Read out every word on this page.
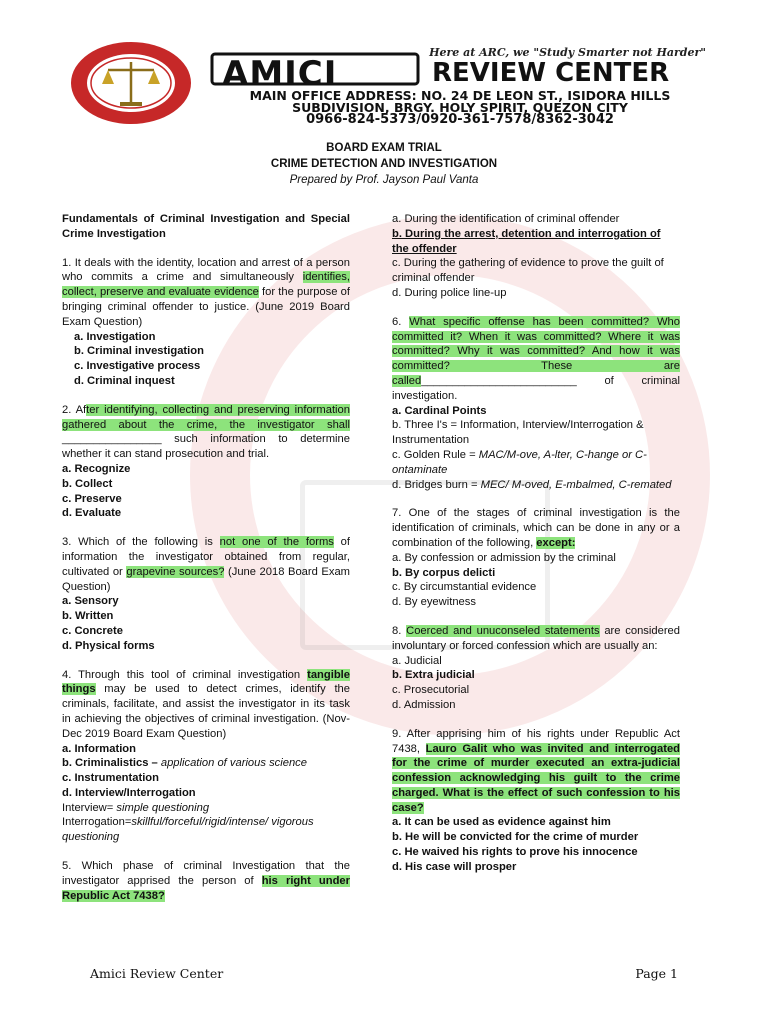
AMICI	REVIEW CENTER
MAIN OFFICE ADDRESS: NO. 24 DE LEON ST., ISIDORA HILLS
SUBDIVISION, BRGY. HOLY SPIRIT, QUEZON CITY
0966-824-5373/0920-361-7578/8362-3042
Here at ARC, we "Study Smarter not Harder"
BOARD EXAM TRIAL
CRIME DETECTION AND INVESTIGATION
Prepared by Prof. Jayson Paul Vanta

Fundamentals of Criminal Investigation and Special Crime Investigation

1. It deals with the identity, location and arrest of a person who commits a crime and simultaneously identifies, collect, preserve and evaluate evidence for the purpose of bringing criminal offender to justice. (June 2019 Board Exam Question)

a. Investigation
b. Criminal investigation
c. Investigative process
d. Criminal inquest

2. After identifying, collecting and preserving information gathered about the crime, the investigator shall ________________ such information to determine whether it can stand prosecution and trial.

a. Recognize
b. Collect
c. Preserve
d. Evaluate

3. Which of the following is not one of the forms of information the investigator obtained from regular, cultivated or grapevine sources? (June 2018 Board Exam Question)

a. Sensory
b. Written
c. Concrete
d. Physical forms

4. Through this tool of criminal investigation tangible things may be used to detect crimes, identify the criminals, facilitate, and assist the investigator in its task in achieving the objectives of criminal investigation. (Nov-Dec 2019 Board Exam Question)

a. Information
b. Criminalistics – application of various science
c. Instrumentation
d. Interview/Interrogation
Interview= simple questioning
Interrogation=skillful/forceful/rigid/intense/ vigorous questioning

5. Which phase of criminal Investigation that the investigator apprised the person of his right under Republic Act 7438?

a. During the identification of criminal offender
b. During the arrest, detention and interrogation of the offender
c. During the gathering of evidence to prove the guilt of criminal offender
d. During police line-up

6. What specific offense has been committed? Who committed it? When it was committed? Where it was committed? Why it was committed? And how it was committed? These are called_________________________ of criminal investigation.

a. Cardinal Points
b. Three I's = Information, Interview/Interrogation & Instrumentation
c. Golden Rule = MAC/M-ove, A-lter, C-hange or C-ontaminate
d. Bridges burn = MEC/ M-oved, E-mbalmed, C-remated

7. One of the stages of criminal investigation is the identification of criminals, which can be done in any or a combination of the following, except:

a. By confession or admission by the criminal
b. By corpus delicti
c. By circumstantial evidence
d. By eyewitness

8. Coerced and unuconseled statements are considered involuntary or forced confession which are usually an:

a. Judicial
b. Extra judicial
c. Prosecutorial
d. Admission

9. After apprising him of his rights under Republic Act 7438, Lauro Galit who was invited and interrogated for the crime of murder executed an extra-judicial confession acknowledging his guilt to the crime charged. What is the effect of such confession to his case?

a. It can be used as evidence against him
b. He will be convicted for the crime of murder
c. He waived his rights to prove his innocence
d. His case will prosper
Amici Review Center	Page 1
